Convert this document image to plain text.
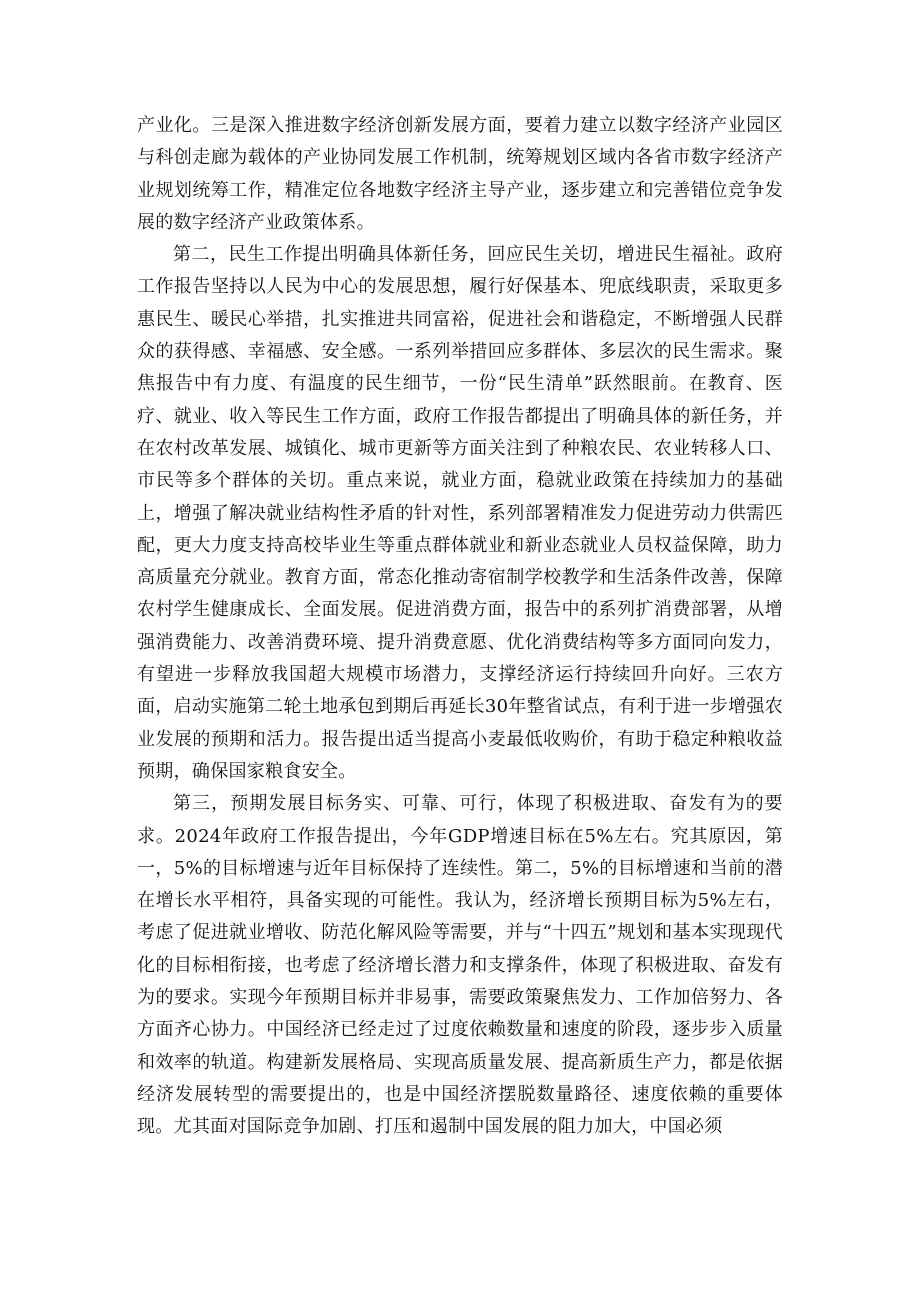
产业化。三是深入推进数字经济创新发展方面，要着力建立以数字经济产业园区与科创走廊为载体的产业协同发展工作机制，统筹规划区域内各省市数字经济产业规划统筹工作，精准定位各地数字经济主导产业，逐步建立和完善错位竞争发展的数字经济产业政策体系。

第二，民生工作提出明确具体新任务，回应民生关切，增进民生福祉。政府工作报告坚持以人民为中心的发展思想，履行好保基本、兜底线职责，采取更多惠民生、暖民心举措，扎实推进共同富裕，促进社会和谐稳定，不断增强人民群众的获得感、幸福感、安全感。一系列举措回应多群体、多层次的民生需求。聚焦报告中有力度、有温度的民生细节，一份“民生清单”跃然眼前。在教育、医疗、就业、收入等民生工作方面，政府工作报告都提出了明确具体的新任务，并在农村改革发展、城镇化、城市更新等方面关注到了种粮农民、农业转移人口、市民等多个群体的关切。重点来说，就业方面，稳就业政策在持续加力的基础上，增强了解决就业结构性矛盾的针对性，系列部署精准发力促进劳动力供需匹配，更大力度支持高校毕业生等重点群体就业和新业态就业人员权益保障，助力高质量充分就业。教育方面，常态化推动寄宿制学校教学和生活条件改善，保障农村学生健康成长、全面发展。促进消费方面，报告中的系列扩消费部署，从增强消费能力、改善消费环境、提升消费意愿、优化消费结构等多方面同向发力，有望进一步释放我国超大规模市场潜力，支撑经济运行持续回升向好。三农方面，启动实施第二轮土地承包到期后再延长30年整省试点，有利于进一步增强农业发展的预期和活力。报告提出适当提高小麦最低收购价，有助于稳定种粮收益预期，确保国家粮食安全。

第三，预期发展目标务实、可靠、可行，体现了积极进取、奋发有为的要求。2024年政府工作报告提出，今年GDP增速目标在5%左右。究其原因，第一，5%的目标增速与近年目标保持了连续性。第二，5%的目标增速和当前的潜在增长水平相符，具备实现的可能性。我认为，经济增长预期目标为5%左右，考虑了促进就业增收、防范化解风险等需要，并与“十四五”规划和基本实现现代化的目标相衔接，也考虑了经济增长潜力和支撑条件，体现了积极进取、奋发有为的要求。实现今年预期目标并非易事，需要政策聚焦发力、工作加倍努力、各方面齐心协力。中国经济已经走过了过度依赖数量和速度的阶段，逐步步入质量和效率的轨道。构建新发展格局、实现高质量发展、提高新质生产力，都是依据经济发展转型的需要提出的，也是中国经济摆脱数量路径、速度依赖的重要体现。尤其面对国际竞争加剧、打压和遏制中国发展的阻力加大，中国必须
